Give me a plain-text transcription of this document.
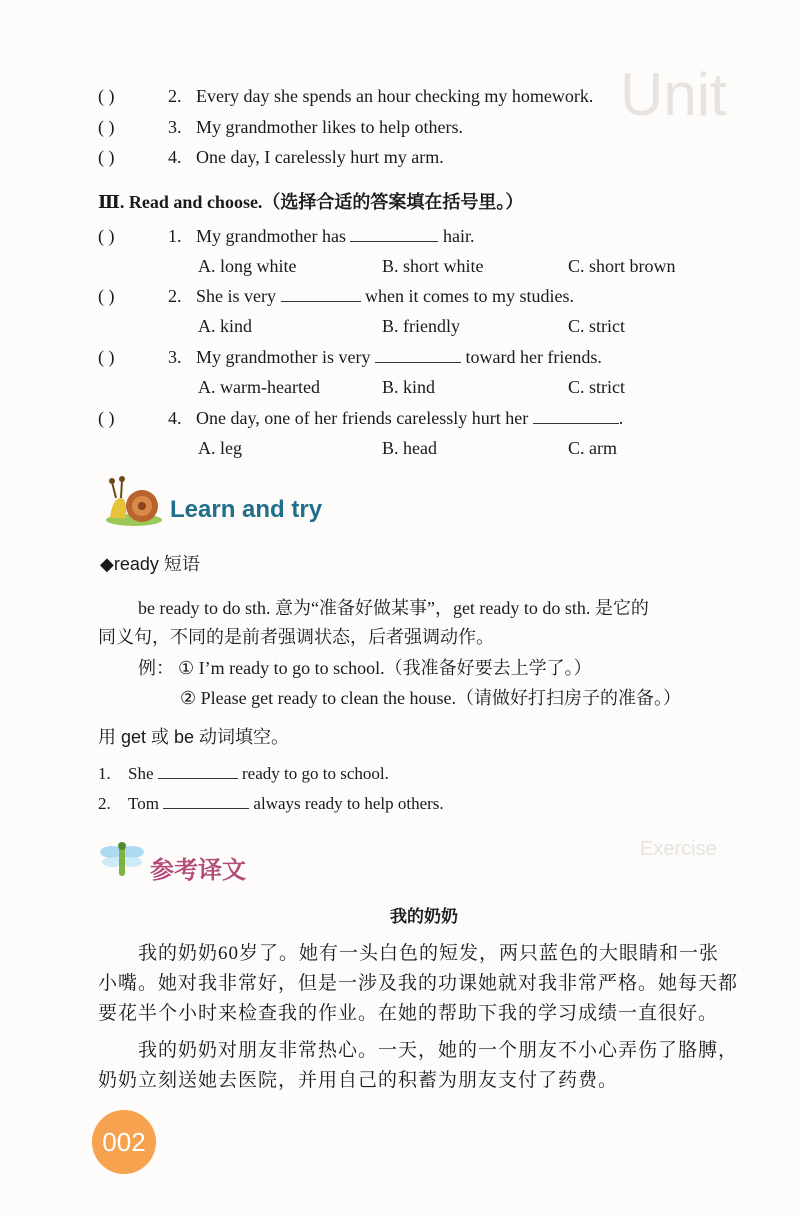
Unit
Exercise
( )	2. Every day she spends an hour checking my homework.
( )	3. My grandmother likes to help others.
( )	4. One day, I carelessly hurt my arm.
Ⅲ. Read and choose.（选择合适的答案填在括号里。）
( )	1. My grandmother has	hair.
A. long white	B. short white	C. short brown
( )	2. She is very	when it comes to my studies.
A. kind	B. friendly	C. strict
( )	3. My grandmother is very	toward her friends.
A. warm-hearted	B. kind	C. strict
( )	4. One day, one of her friends carelessly hurt her	.
A. leg	B. head	C. arm
Learn and try
◆ready 短语
be ready to do sth. 意为“准备好做某事”，get ready to do sth. 是它的
同义句，不同的是前者强调状态，后者强调动作。
例： ① I’m ready to go to school.（我准备好要去上学了。）
② Please get ready to clean the house.（请做好打扫房子的准备。）
用 get 或 be 动词填空。
1. She	ready to go to school.
2. Tom	always ready to help others.
参考译文
我的奶奶
我的奶奶60岁了。她有一头白色的短发，两只蓝色的大眼睛和一张
小嘴。她对我非常好，但是一涉及我的功课她就对我非常严格。她每天都
要花半个小时来检查我的作业。在她的帮助下我的学习成绩一直很好。
我的奶奶对朋友非常热心。一天，她的一个朋友不小心弄伤了胳膊，
奶奶立刻送她去医院，并用自己的积蓄为朋友支付了药费。
002
